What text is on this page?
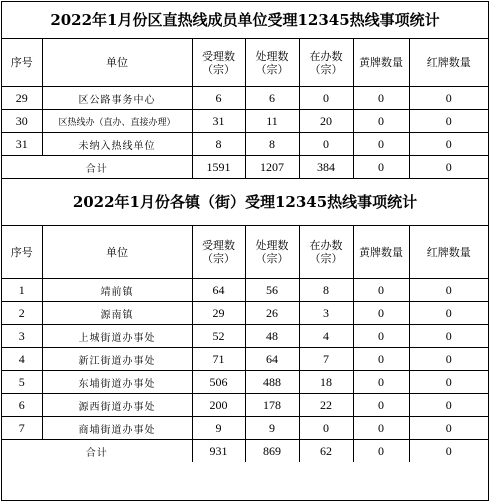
2022年1月份区直热线成员单位受理12345热线事项统计
序号	单位	受理数（宗）	处理数（宗）	在办数（宗）	黄牌数量	红牌数量
29	区公路事务中心	6	6	0	0	0
30	区热线办（直办、直接办理）	31	11	20	0	0
31	未纳入热线单位	8	8	0	0	0
合计		1591	1207	384	0	0
2022年1月份各镇（街）受理12345热线事项统计
序号	单位	受理数（宗）	处理数（宗）	在办数（宗）	黄牌数量	红牌数量
1	靖前镇	64	56	8	0	0
2	源南镇	29	26	3	0	0
3	上城街道办事处	52	48	4	0	0
4	新江街道办事处	71	64	7	0	0
5	东埔街道办事处	506	488	18	0	0
6	源西街道办事处	200	178	22	0	0
7	商埔街道办事处	9	9	0	0	0
合计		931	869	62	0	0
